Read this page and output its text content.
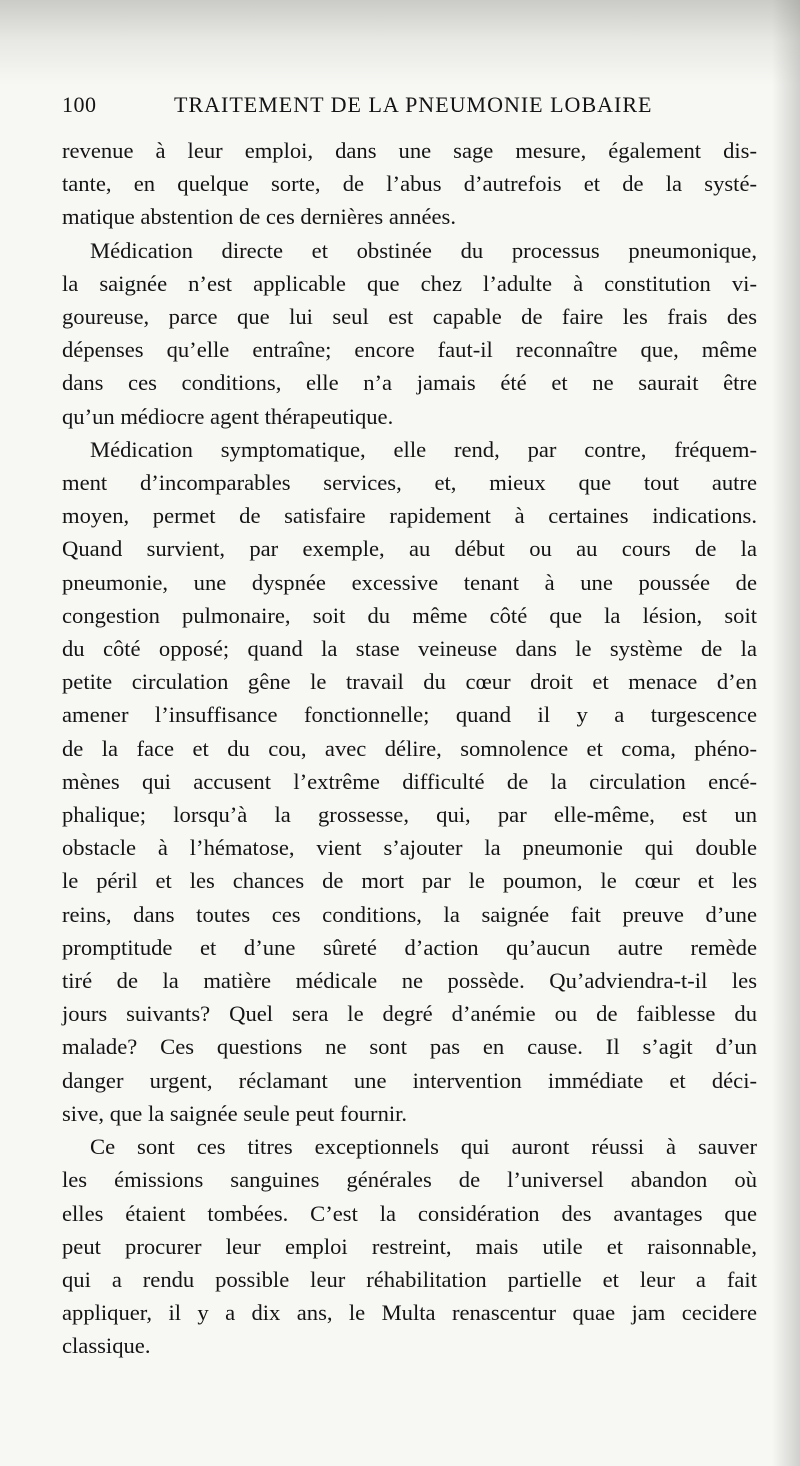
100	TRAITEMENT DE LA PNEUMONIE LOBAIRE

revenue à leur emploi, dans une sage mesure, également dis-

tante, en quelque sorte, de l’abus d’autrefois et de la systé-

matique abstention de ces dernières années.

Médication directe et obstinée du processus pneumonique,

la saignée n’est applicable que chez l’adulte à constitution vi-

goureuse, parce que lui seul est capable de faire les frais des

dépenses qu’elle entraîne; encore faut-il reconnaître que, même

dans ces conditions, elle n’a jamais été et ne saurait être

qu’un médiocre agent thérapeutique.

Médication symptomatique, elle rend, par contre, fréquem-

ment d’incomparables services, et, mieux que tout autre

moyen, permet de satisfaire rapidement à certaines indications.

Quand survient, par exemple, au début ou au cours de la

pneumonie, une dyspnée excessive tenant à une poussée de

congestion pulmonaire, soit du même côté que la lésion, soit

du côté opposé; quand la stase veineuse dans le système de la

petite circulation gêne le travail du cœur droit et menace d’en

amener l’insuffisance fonctionnelle; quand il y a turgescence

de la face et du cou, avec délire, somnolence et coma, phéno-

mènes qui accusent l’extrême difficulté de la circulation encé-

phalique; lorsqu’à la grossesse, qui, par elle-même, est un

obstacle à l’hématose, vient s’ajouter la pneumonie qui double

le péril et les chances de mort par le poumon, le cœur et les

reins, dans toutes ces conditions, la saignée fait preuve d’une

promptitude et d’une sûreté d’action qu’aucun autre remède

tiré de la matière médicale ne possède. Qu’adviendra-t-il les

jours suivants? Quel sera le degré d’anémie ou de faiblesse du

malade? Ces questions ne sont pas en cause. Il s’agit d’un

danger urgent, réclamant une intervention immédiate et déci-

sive, que la saignée seule peut fournir.

Ce sont ces titres exceptionnels qui auront réussi à sauver

les émissions sanguines générales de l’universel abandon où

elles étaient tombées. C’est la considération des avantages que

peut procurer leur emploi restreint, mais utile et raisonnable,

qui a rendu possible leur réhabilitation partielle et leur a fait

appliquer, il y a dix ans, le Multa renascentur quae jam cecidere

classique.
